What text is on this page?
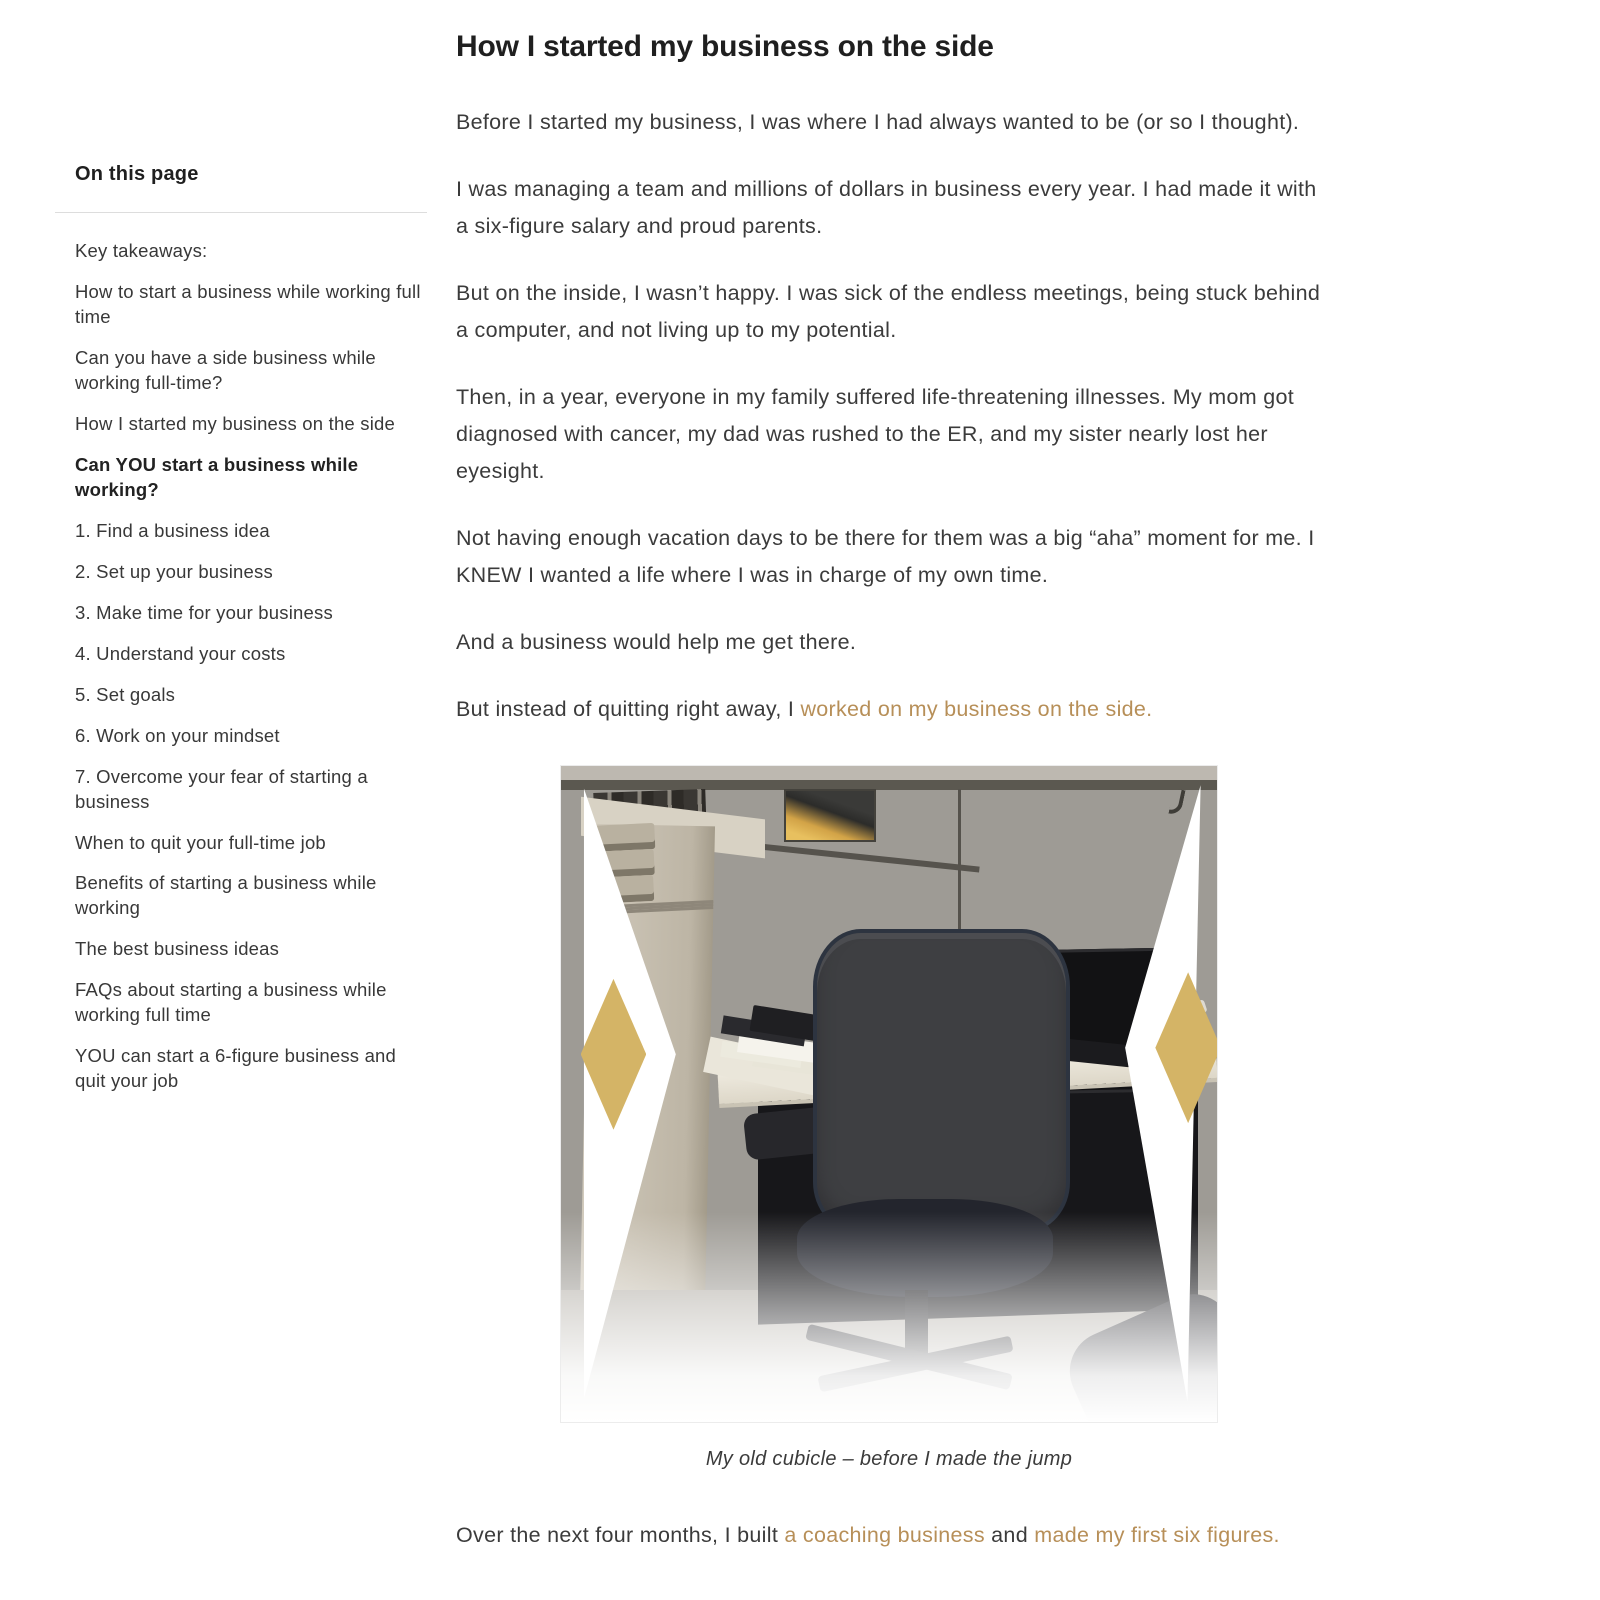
On this page
Key takeaways:
How to start a business while working full time
Can you have a side business while working full-time?
How I started my business on the side
Can YOU start a business while working?
1. Find a business idea
2. Set up your business
3. Make time for your business
4. Understand your costs
5. Set goals
6. Work on your mindset
7. Overcome your fear of starting a business
When to quit your full-time job
Benefits of starting a business while working
The best business ideas
FAQs about starting a business while working full time
YOU can start a 6-figure business and quit your job
How I started my business on the side

Before I started my business, I was where I had always wanted to be (or so I thought).

I was managing a team and millions of dollars in business every year. I had made it with a six-figure salary and proud parents.

But on the inside, I wasn’t happy. I was sick of the endless meetings, being stuck behind a computer, and not living up to my potential.

Then, in a year, everyone in my family suffered life-threatening illnesses. My mom got diagnosed with cancer, my dad was rushed to the ER, and my sister nearly lost her eyesight.

Not having enough vacation days to be there for them was a big “aha” moment for me. I KNEW I wanted a life where I was in charge of my own time.

And a business would help me get there.

But instead of quitting right away, I worked on my business on the side.

My old cubicle – before I made the jump

Over the next four months, I built a coaching business and made my first six figures.
